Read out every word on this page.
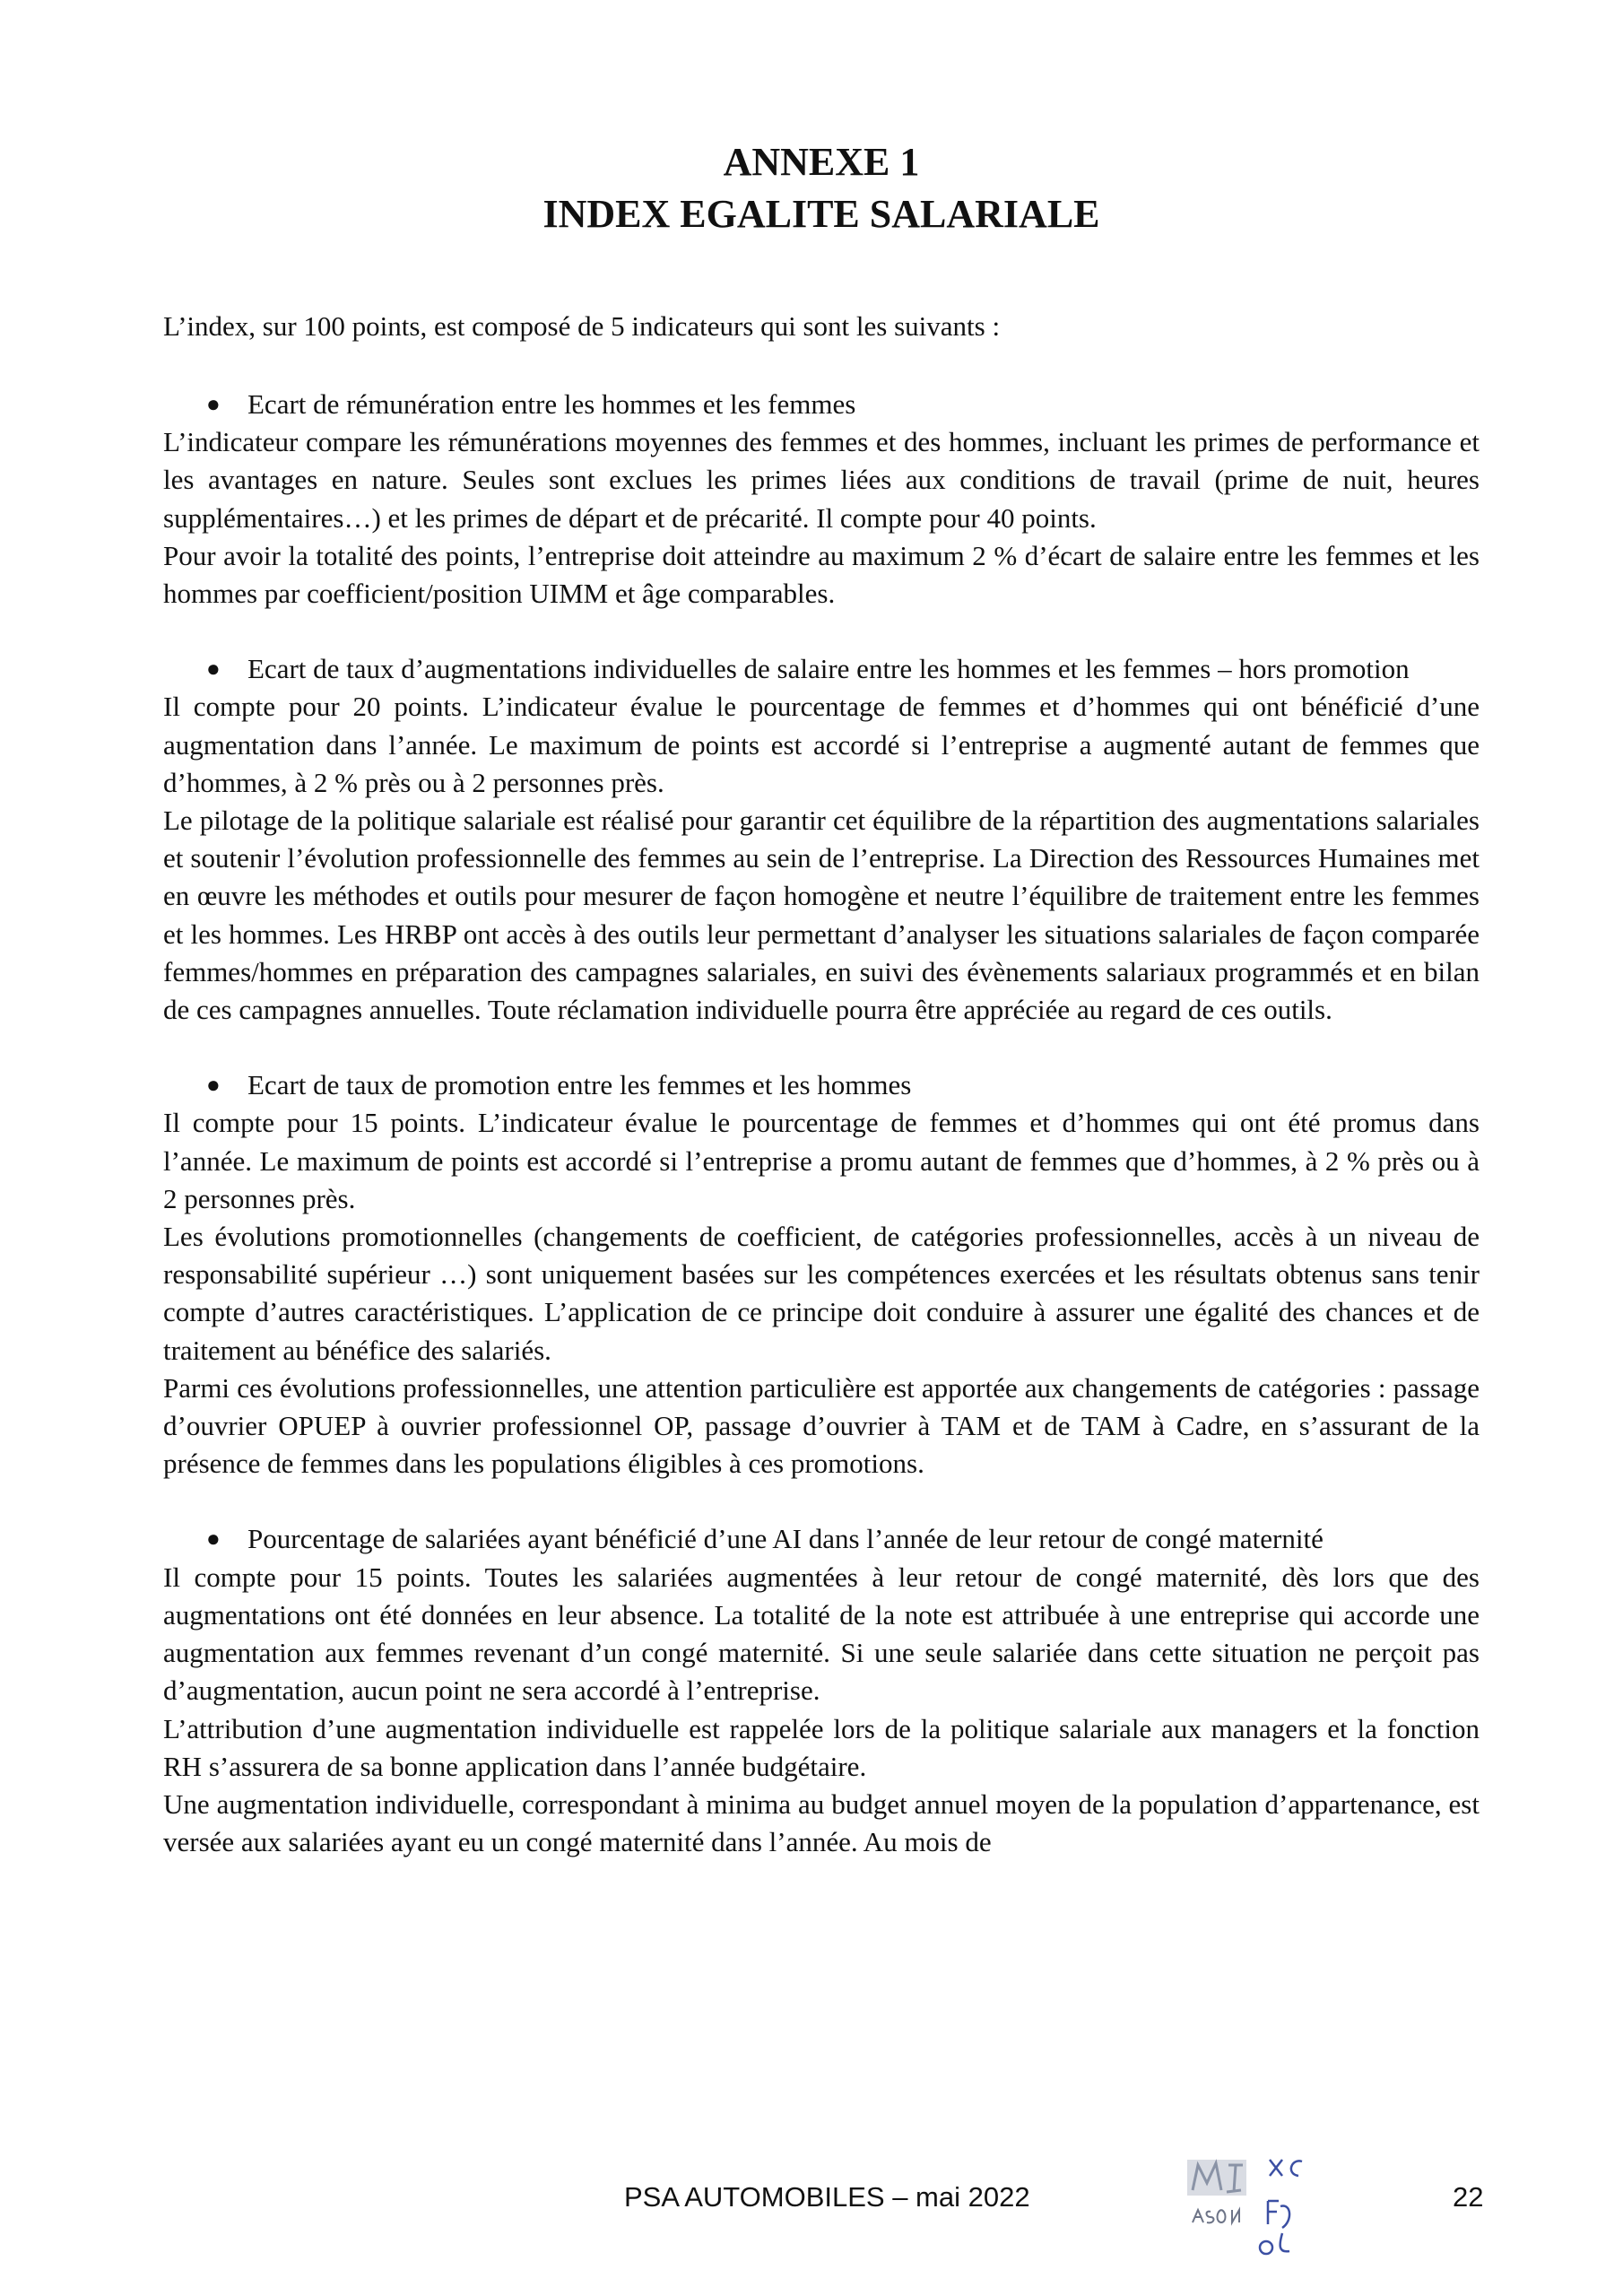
ANNEXE 1
INDEX EGALITE SALARIALE

L’index, sur 100 points, est composé de 5 indicateurs qui sont les suivants :

● Ecart de rémunération entre les hommes et les femmes

L’indicateur compare les rémunérations moyennes des femmes et des hommes, incluant les primes de performance et les avantages en nature. Seules sont exclues les primes liées aux conditions de travail (prime de nuit, heures supplémentaires…) et les primes de départ et de précarité. Il compte pour 40 points.

Pour avoir la totalité des points, l’entreprise doit atteindre au maximum 2 % d’écart de salaire entre les femmes et les hommes par coefficient/position UIMM et âge comparables.

● Ecart de taux d’augmentations individuelles de salaire entre les hommes et les femmes – hors promotion

Il compte pour 20 points. L’indicateur évalue le pourcentage de femmes et d’hommes qui ont bénéficié d’une augmentation dans l’année. Le maximum de points est accordé si l’entreprise a augmenté autant de femmes que d’hommes, à 2 % près ou à 2 personnes près.

Le pilotage de la politique salariale est réalisé pour garantir cet équilibre de la répartition des augmentations salariales et soutenir l’évolution professionnelle des femmes au sein de l’entreprise. La Direction des Ressources Humaines met en œuvre les méthodes et outils pour mesurer de façon homogène et neutre l’équilibre de traitement entre les femmes et les hommes. Les HRBP ont accès à des outils leur permettant d’analyser les situations salariales de façon comparée femmes/hommes en préparation des campagnes salariales, en suivi des évènements salariaux programmés et en bilan de ces campagnes annuelles. Toute réclamation individuelle pourra être appréciée au regard de ces outils.

● Ecart de taux de promotion entre les femmes et les hommes

Il compte pour 15 points. L’indicateur évalue le pourcentage de femmes et d’hommes qui ont été promus dans l’année. Le maximum de points est accordé si l’entreprise a promu autant de femmes que d’hommes, à 2 % près ou à 2 personnes près.

Les évolutions promotionnelles (changements de coefficient, de catégories professionnelles, accès à un niveau de responsabilité supérieur …) sont uniquement basées sur les compétences exercées et les résultats obtenus sans tenir compte d’autres caractéristiques. L’application de ce principe doit conduire à assurer une égalité des chances et de traitement au bénéfice des salariés.

Parmi ces évolutions professionnelles, une attention particulière est apportée aux changements de catégories : passage d’ouvrier OPUEP à ouvrier professionnel OP, passage d’ouvrier à TAM et de TAM à Cadre, en s’assurant de la présence de femmes dans les populations éligibles à ces promotions.

● Pourcentage de salariées ayant bénéficié d’une AI dans l’année de leur retour de congé maternité

Il compte pour 15 points. Toutes les salariées augmentées à leur retour de congé maternité, dès lors que des augmentations ont été données en leur absence. La totalité de la note est attribuée à une entreprise qui accorde une augmentation aux femmes revenant d’un congé maternité. Si une seule salariée dans cette situation ne perçoit pas d’augmentation, aucun point ne sera accordé à l’entreprise.

L’attribution d’une augmentation individuelle est rappelée lors de la politique salariale aux managers et la fonction RH s’assurera de sa bonne application dans l’année budgétaire.

Une augmentation individuelle, correspondant à minima au budget annuel moyen de la population d’appartenance, est versée aux salariées ayant eu un congé maternité dans l’année. Au mois de

PSA AUTOMOBILES – mai 2022	22
